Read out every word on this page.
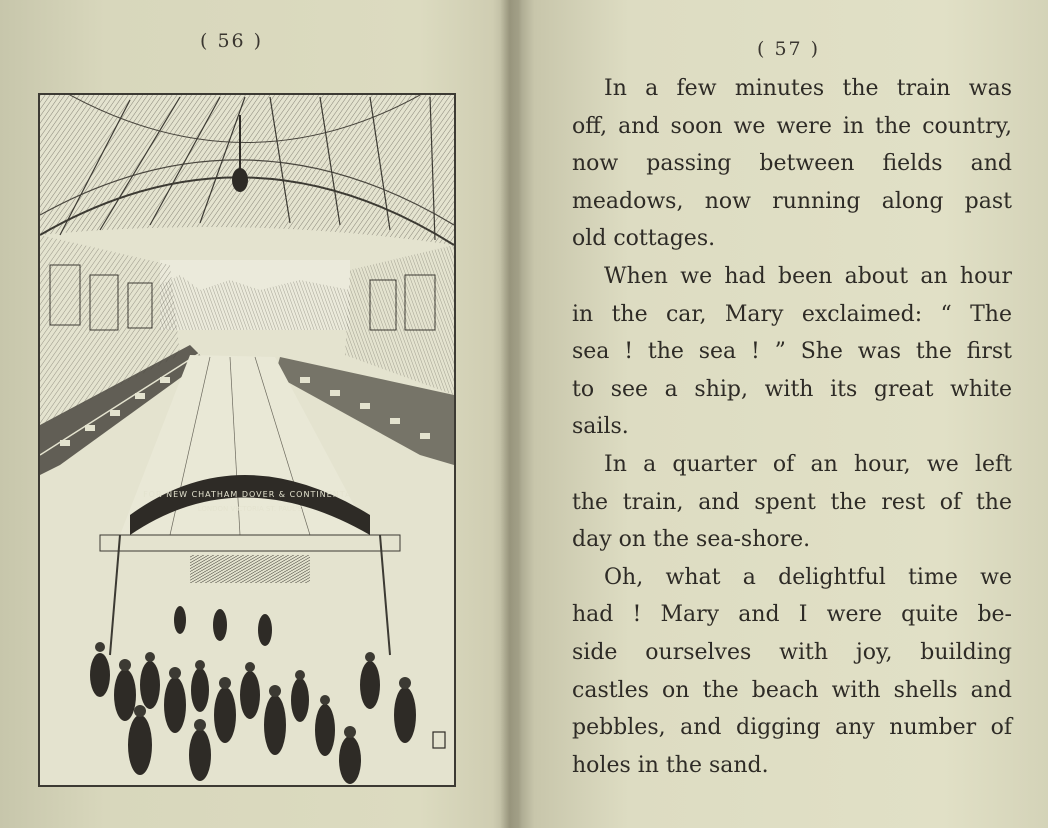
( 56 )
FOR NEW CHATHAM DOVER & CONTINENTAL
LONDON VICTORIA ST. PAUL'S
( 57 )
In a few minutes the train was
off, and soon we were in the country,
now passing between fields and
meadows, now running along past
old cottages.
When we had been about an hour
in the car, Mary exclaimed: “ The
sea ! the sea ! ” She was the first
to see a ship, with its great white
sails.
In a quarter of an hour, we left
the train, and spent the rest of the
day on the sea-shore.
Oh, what a delightful time we
had ! Mary and I were quite be-
side ourselves with joy, building
castles on the beach with shells and
pebbles, and digging any number of
holes in the sand.
